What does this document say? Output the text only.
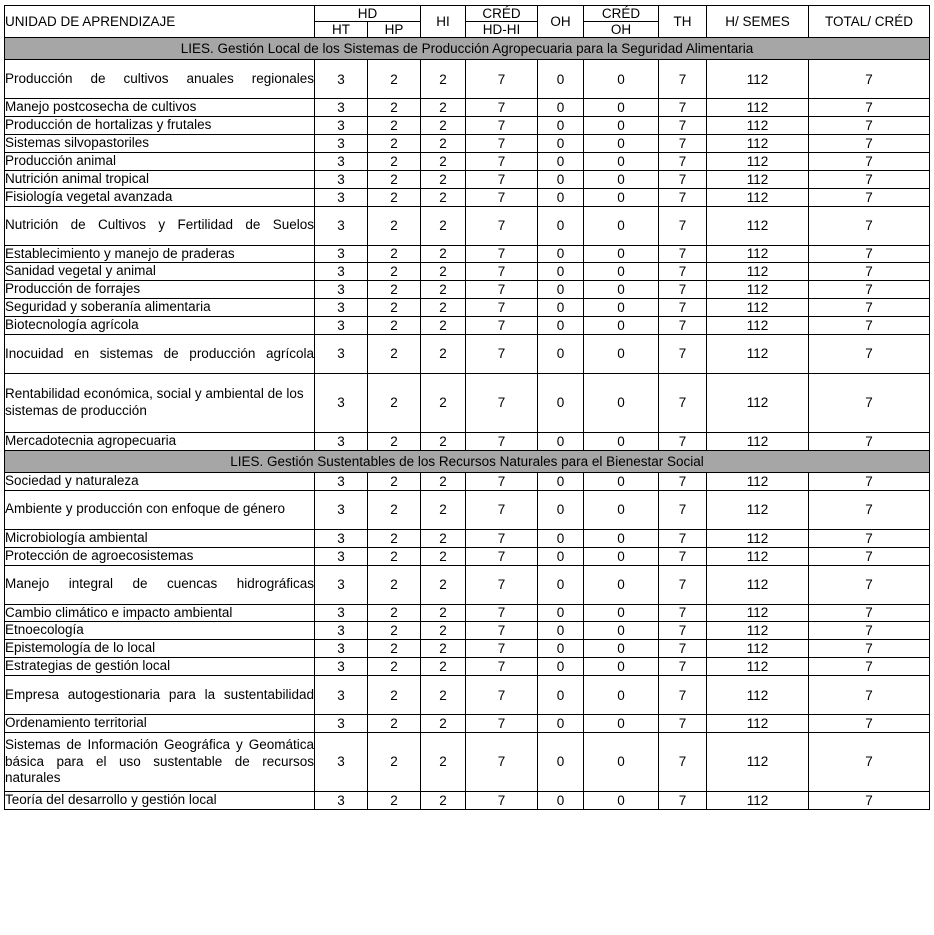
UNIDAD DE APRENDIZAJE	HD		HI	CRÉD	OH	CRÉD	TH	H/ SEMES	TOTAL/ CRÉD
	HT	HP		HD-HI		OH			
LIES. Gestión Local de los Sistemas de Producción Agropecuaria para la Seguridad Alimentaria									
Producción de cultivos anuales regionales	3	2	2	7	0	0	7	112	7
Manejo postcosecha de cultivos	3	2	2	7	0	0	7	112	7
Producción de hortalizas y frutales	3	2	2	7	0	0	7	112	7
Sistemas silvopastoriles	3	2	2	7	0	0	7	112	7
Producción animal	3	2	2	7	0	0	7	112	7
Nutrición animal tropical	3	2	2	7	0	0	7	112	7
Fisiología vegetal avanzada	3	2	2	7	0	0	7	112	7
Nutrición de Cultivos y Fertilidad de Suelos	3	2	2	7	0	0	7	112	7
Establecimiento y manejo de praderas	3	2	2	7	0	0	7	112	7
Sanidad vegetal y animal	3	2	2	7	0	0	7	112	7
Producción de forrajes	3	2	2	7	0	0	7	112	7
Seguridad y soberanía alimentaria	3	2	2	7	0	0	7	112	7
Biotecnología agrícola	3	2	2	7	0	0	7	112	7
Inocuidad en sistemas de producción agrícola	3	2	2	7	0	0	7	112	7
Rentabilidad económica, social y ambiental de los sistemas de producción	3	2	2	7	0	0	7	112	7
Mercadotecnia agropecuaria	3	2	2	7	0	0	7	112	7
LIES. Gestión Sustentables de los Recursos Naturales para el Bienestar Social									
Sociedad y naturaleza	3	2	2	7	0	0	7	112	7
Ambiente y producción con enfoque de género	3	2	2	7	0	0	7	112	7
Microbiología ambiental	3	2	2	7	0	0	7	112	7
Protección de agroecosistemas	3	2	2	7	0	0	7	112	7
Manejo integral de cuencas hidrográficas	3	2	2	7	0	0	7	112	7
Cambio climático e impacto ambiental	3	2	2	7	0	0	7	112	7
Etnoecología	3	2	2	7	0	0	7	112	7
Epistemología de lo local	3	2	2	7	0	0	7	112	7
Estrategias de gestión local	3	2	2	7	0	0	7	112	7
Empresa autogestionaria para la sustentabilidad	3	2	2	7	0	0	7	112	7
Ordenamiento territorial	3	2	2	7	0	0	7	112	7
Sistemas de Información Geográfica y Geomática básica para el uso sustentable de recursos naturales	3	2	2	7	0	0	7	112	7
Teoría del desarrollo y gestión local	3	2	2	7	0	0	7	112	7
